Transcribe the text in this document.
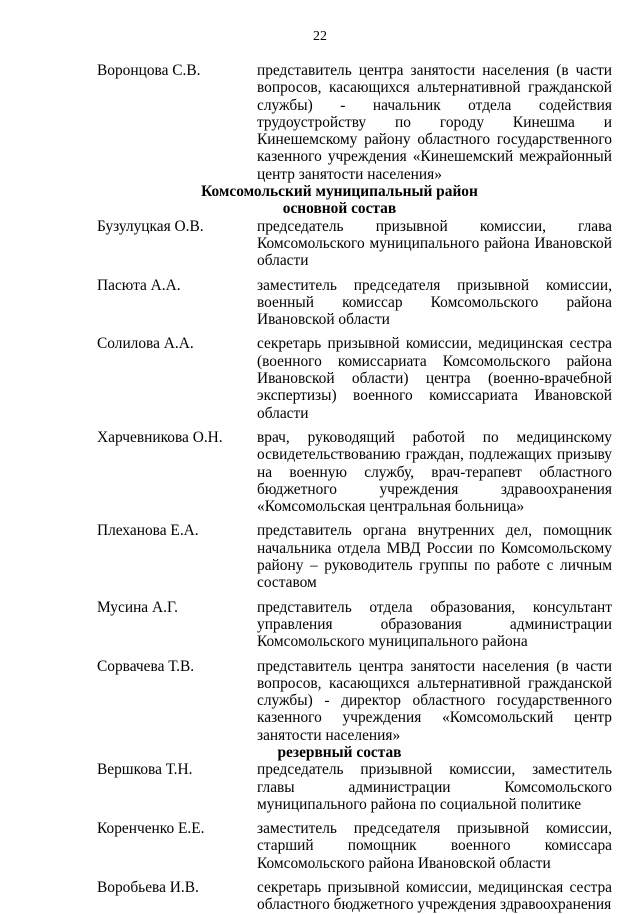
22
Воронцова С.В.	представитель центра занятости населения (в части вопросов, касающихся альтернативной гражданской службы) - начальник отдела содействия трудоустройству по городу Кинешма и Кинешемскому району областного государственного казенного учреждения «Кинешемский межрайонный центр занятости населения»
Комсомольский муниципальный район
основной состав
Бузулуцкая О.В.	председатель призывной комиссии, глава Комсомольского муниципального района Ивановской области
Пасюта А.А.	заместитель председателя призывной комиссии, военный комиссар Комсомольского района Ивановской области
Солилова А.А.	секретарь призывной комиссии, медицинская сестра (военного комиссариата Комсомольского района Ивановской области) центра (военно-врачебной экспертизы) военного комиссариата Ивановской области
Харчевникова О.Н.	врач, руководящий работой по медицинскому освидетельствованию граждан, подлежащих призыву на военную службу, врач-терапевт областного бюджетного учреждения здравоохранения «Комсомольская центральная больница»
Плеханова Е.А.	представитель органа внутренних дел, помощник начальника отдела МВД России по Комсомольскому району – руководитель группы по работе с личным составом
Мусина А.Г.	представитель отдела образования, консультант управления образования администрации Комсомольского муниципального района
Сорвачева Т.В.	представитель центра занятости населения (в части вопросов, касающихся альтернативной гражданской службы) - директор областного государственного казенного учреждения «Комсомольский центр занятости населения»
резервный состав
Вершкова Т.Н.	председатель призывной комиссии, заместитель главы администрации Комсомольского муниципального района по социальной политике
Коренченко Е.Е.	заместитель председателя призывной комиссии, старший помощник военного комиссара Комсомольского района Ивановской области
Воробьева И.В.	секретарь призывной комиссии, медицинская сестра областного бюджетного учреждения здравоохранения
